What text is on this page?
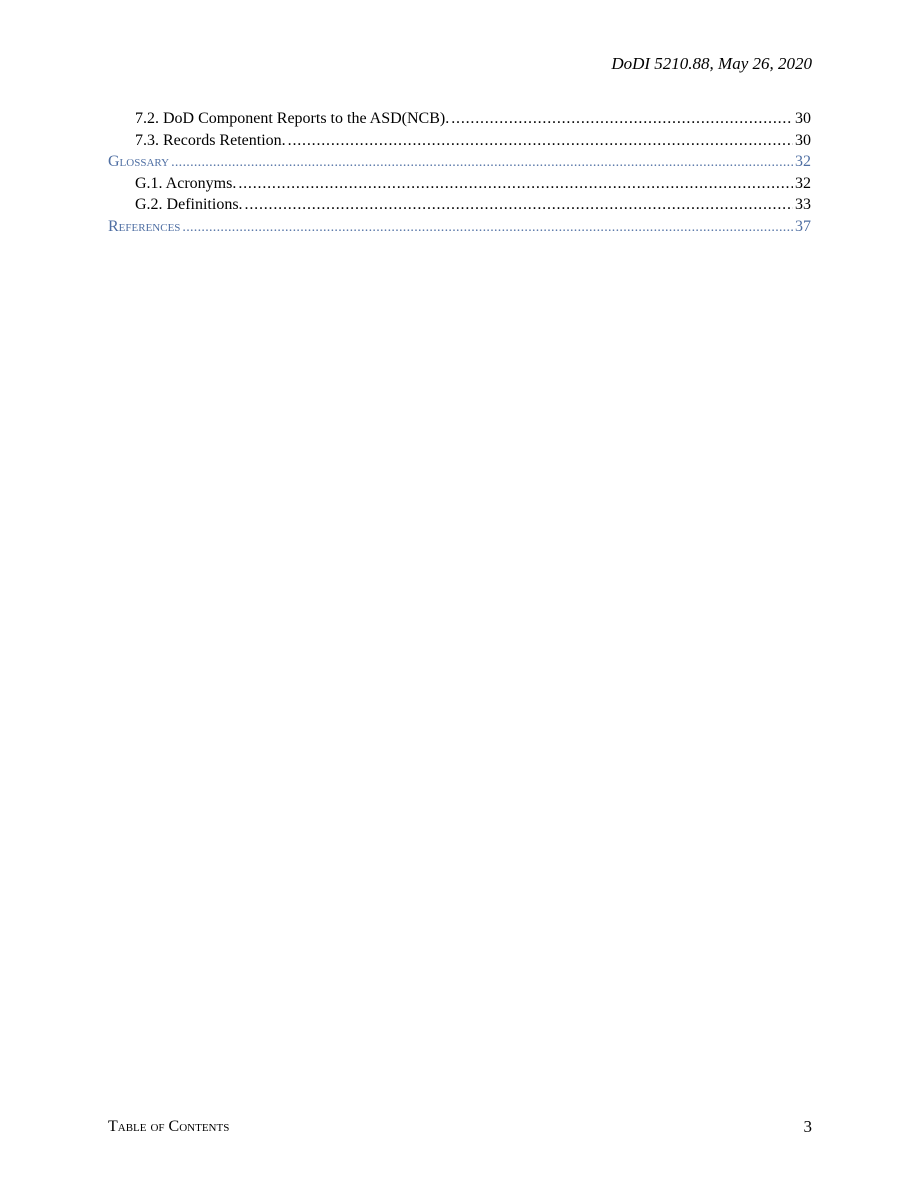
DoDI 5210.88, May 26, 2020
7.2. DoD Component Reports to the ASD(NCB). . . .	30
7.3. Records Retention. . . .	30
Glossary . . .	32
G.1. Acronyms. . . .	32
G.2. Definitions. . . .	33
References . . .	37
Table of Contents	3
